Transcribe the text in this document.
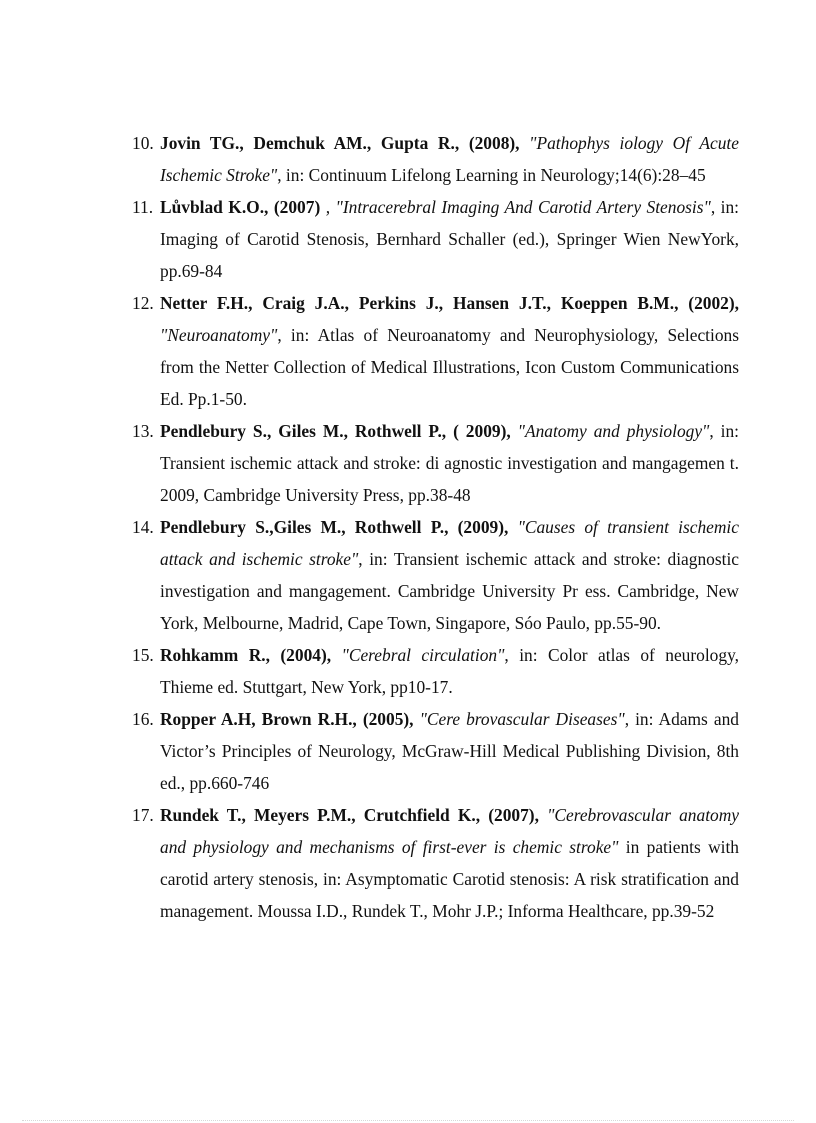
10. Jovin TG., Demchuk AM., Gupta R., (2008), "Pathophys iology Of Acute Ischemic Stroke", in: Continuum Lifelong Learning in Neurology;14(6):28–45
11. Lůvblad K.O., (2007) , "Intracerebral Imaging And Carotid Artery Stenosis", in: Imaging of Carotid Stenosis, Bernhard Schaller (ed.), Springer Wien NewYork, pp.69-84
12. Netter F.H., Craig J.A., Perkins J., Hansen J.T., Koeppen B.M., (2002), "Neuroanatomy", in: Atlas of Neuroanatomy and Neurophysiology, Selections from the Netter Collection of Medical Illustrations, Icon Custom Communications Ed. Pp.1-50.
13. Pendlebury S., Giles M., Rothwell P., ( 2009), "Anatomy and physiology", in: Transient ischemic attack and stroke: di agnostic investigation and mangagemen t. 2009, Cambridge University Press, pp.38-48
14. Pendlebury S.,Giles M., Rothwell P., (2009), "Causes of transient ischemic attack and ischemic stroke", in: Transient ischemic attack and stroke: diagnostic investigation and mangagement. Cambridge University Pr ess. Cambridge, New York, Melbourne, Madrid, Cape Town, Singapore, Sóo Paulo, pp.55-90.
15. Rohkamm R., (2004), "Cerebral circulation", in: Color atlas of neurology, Thieme ed. Stuttgart, New York, pp10-17.
16. Ropper A.H, Brown R.H., (2005), "Cere brovascular Diseases", in: Adams and Victor’s Principles of Neurology, McGraw-Hill Medical Publishing Division, 8th ed., pp.660-746
17. Rundek T., Meyers P.M., Crutchfield K., (2007), "Cerebrovascular anatomy and physiology and mechanisms of first-ever is chemic stroke" in patients with carotid artery stenosis, in: Asymptomatic Carotid stenosis: A risk stratification and management. Moussa I.D., Rundek T., Mohr J.P.; Informa Healthcare, pp.39-52
